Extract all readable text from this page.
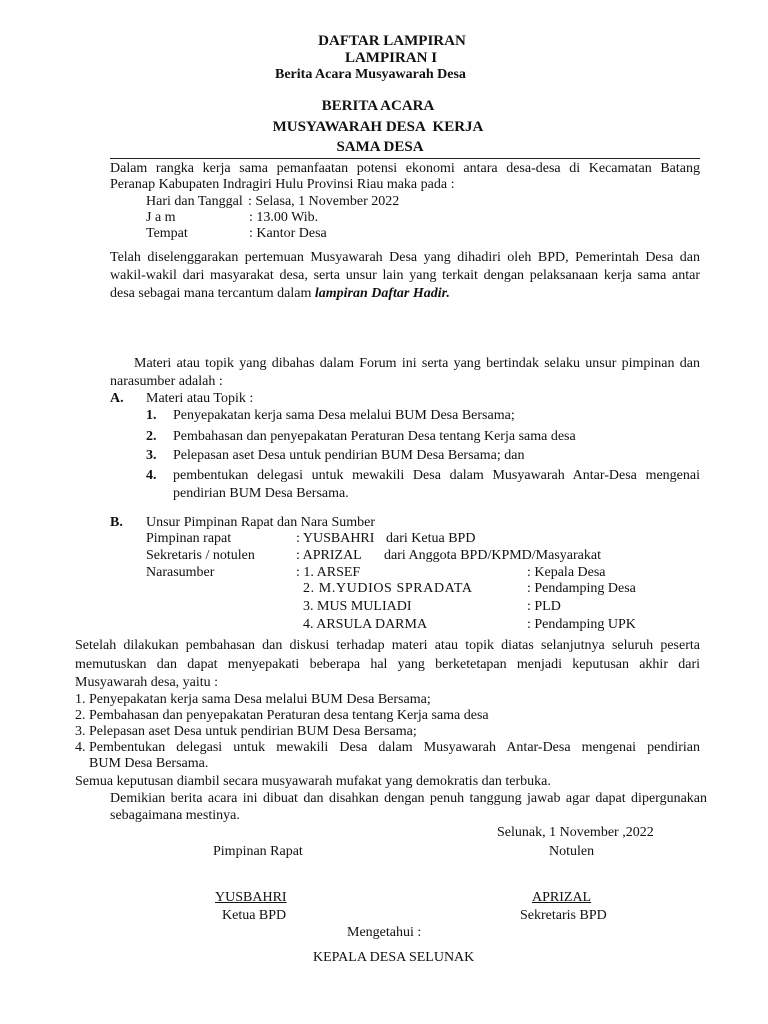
DAFTAR LAMPIRAN
LAMPIRAN I
Berita Acara Musyawarah Desa
BERITA ACARA
MUSYAWARAH DESA  KERJA
SAMA DESA
Dalam rangka kerja sama pemanfaatan potensi ekonomi antara desa-desa di Kecamatan Batang
Peranap Kabupaten Indragiri Hulu Provinsi Riau maka pada :
Hari dan Tanggal : Selasa, 1 November 2022
J a m	: 13.00 Wib.
Tempat	: Kantor Desa
Telah diselenggarakan pertemuan Musyawarah Desa yang dihadiri oleh BPD, Pemerintah Desa dan
wakil-wakil dari masyarakat desa, serta unsur lain yang terkait dengan pelaksanaan kerja sama antar
desa sebagai mana tercantum dalam lampiran Daftar Hadir.
Materi atau topik yang dibahas dalam Forum ini serta yang bertindak selaku unsur pimpinan dan
narasumber adalah :
A. Materi atau Topik :
1. Penyepakatan kerja sama Desa melalui BUM Desa Bersama;
2. Pembahasan dan penyepakatan Peraturan Desa tentang Kerja sama desa
3. Pelepasan aset Desa untuk pendirian BUM Desa Bersama; dan
4. pembentukan delegasi untuk mewakili Desa dalam Musyawarah Antar-Desa mengenai
pendirian BUM Desa Bersama.
B. Unsur Pimpinan Rapat dan Nara Sumber
Pimpinan rapat	: YUSBAHRI dari Ketua BPD
Sekretaris / notulen	: APRIZAL dari Anggota BPD/KPMD/Masyarakat
Narasumber	: 1. ARSEF	: Kepala Desa
2. M.YUDIOS SPRADATA	: Pendamping Desa
3. MUS MULIADI	: PLD
4. ARSULA DARMA	: Pendamping UPK
Setelah dilakukan pembahasan dan diskusi terhadap materi atau topik diatas selanjutnya seluruh peserta
memutuskan dan dapat menyepakati beberapa hal yang berketetapan menjadi keputusan akhir dari
Musyawarah desa, yaitu :
1. Penyepakatan kerja sama Desa melalui BUM Desa Bersama;
2. Pembahasan dan penyepakatan Peraturan desa tentang Kerja sama desa
3. Pelepasan aset Desa untuk pendirian BUM Desa Bersama;
4. Pembentukan delegasi untuk mewakili Desa dalam Musyawarah Antar-Desa mengenai pendirian
BUM Desa Bersama.
Semua keputusan diambil secara musyawarah mufakat yang demokratis dan terbuka.
Demikian berita acara ini dibuat dan disahkan dengan penuh tanggung jawab agar dapat dipergunakan
sebagaimana mestinya.
Selunak, 1 November ,2022
Pimpinan Rapat	Notulen
YUSBAHRI	APRIZAL
Ketua BPD	Sekretaris BPD
Mengetahui :
KEPALA DESA SELUNAK
